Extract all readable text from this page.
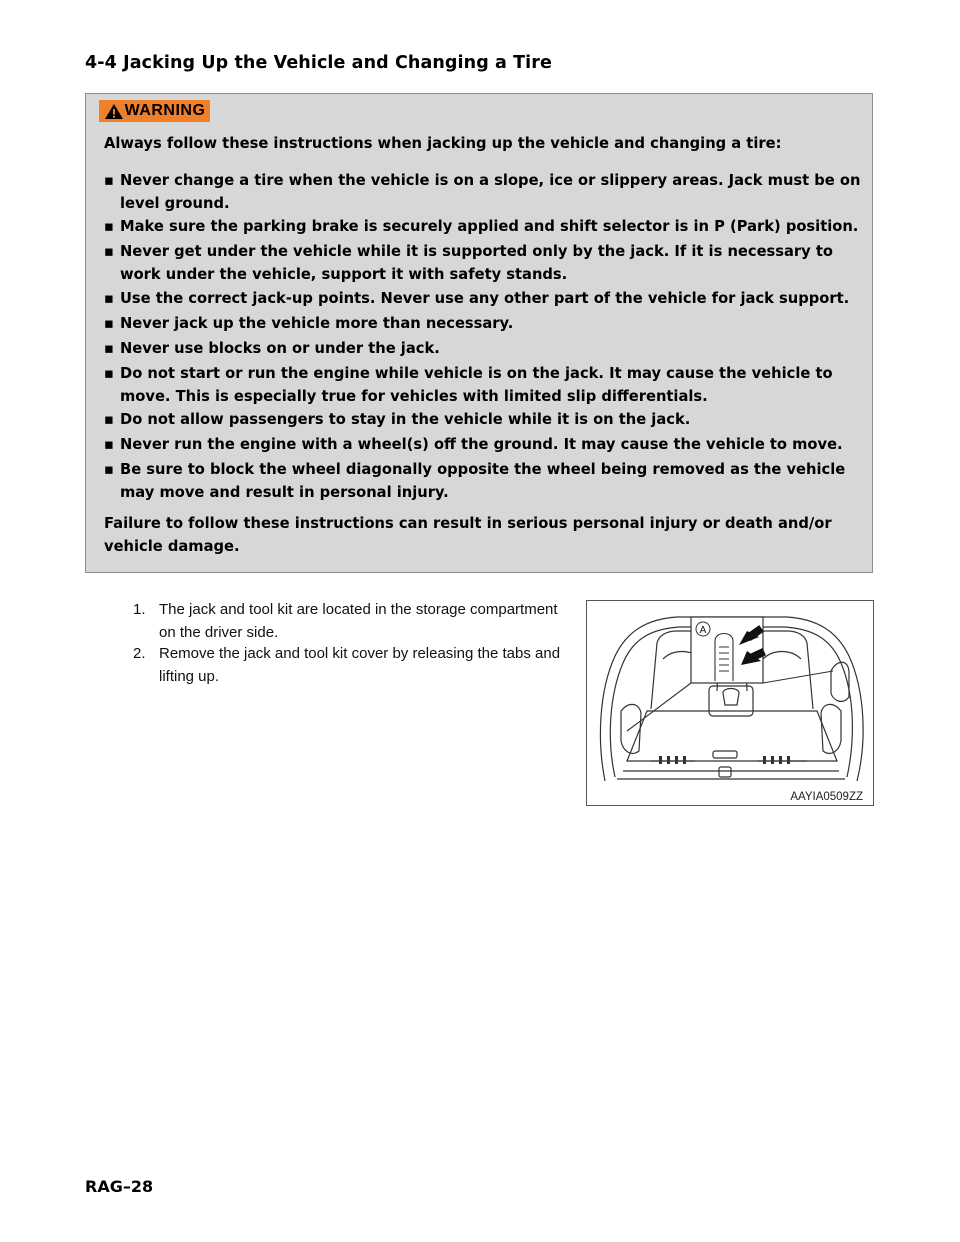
4-4 Jacking Up the Vehicle and Changing a Tire
WARNING
Always follow these instructions when jacking up the vehicle and changing a tire:
▪ Never change a tire when the vehicle is on a slope, ice or slippery areas. Jack must be on level ground.
▪ Make sure the parking brake is securely applied and shift selector is in P (Park) position.
▪ Never get under the vehicle while it is supported only by the jack. If it is necessary to work under the vehicle, support it with safety stands.
▪ Use the correct jack-up points. Never use any other part of the vehicle for jack support.
▪ Never jack up the vehicle more than necessary.
▪ Never use blocks on or under the jack.
▪ Do not start or run the engine while vehicle is on the jack. It may cause the vehicle to move. This is especially true for vehicles with limited slip differentials.
▪ Do not allow passengers to stay in the vehicle while it is on the jack.
▪ Never run the engine with a wheel(s) off the ground. It may cause the vehicle to move.
▪ Be sure to block the wheel diagonally opposite the wheel being removed as the vehicle may move and result in personal injury.
Failure to follow these instructions can result in serious personal injury or death and/or vehicle damage.
1. The jack and tool kit are located in the storage compartment on the driver side.
2. Remove the jack and tool kit cover by releasing the tabs and lifting up.
A
AAYIA0509ZZ
RAG–28
